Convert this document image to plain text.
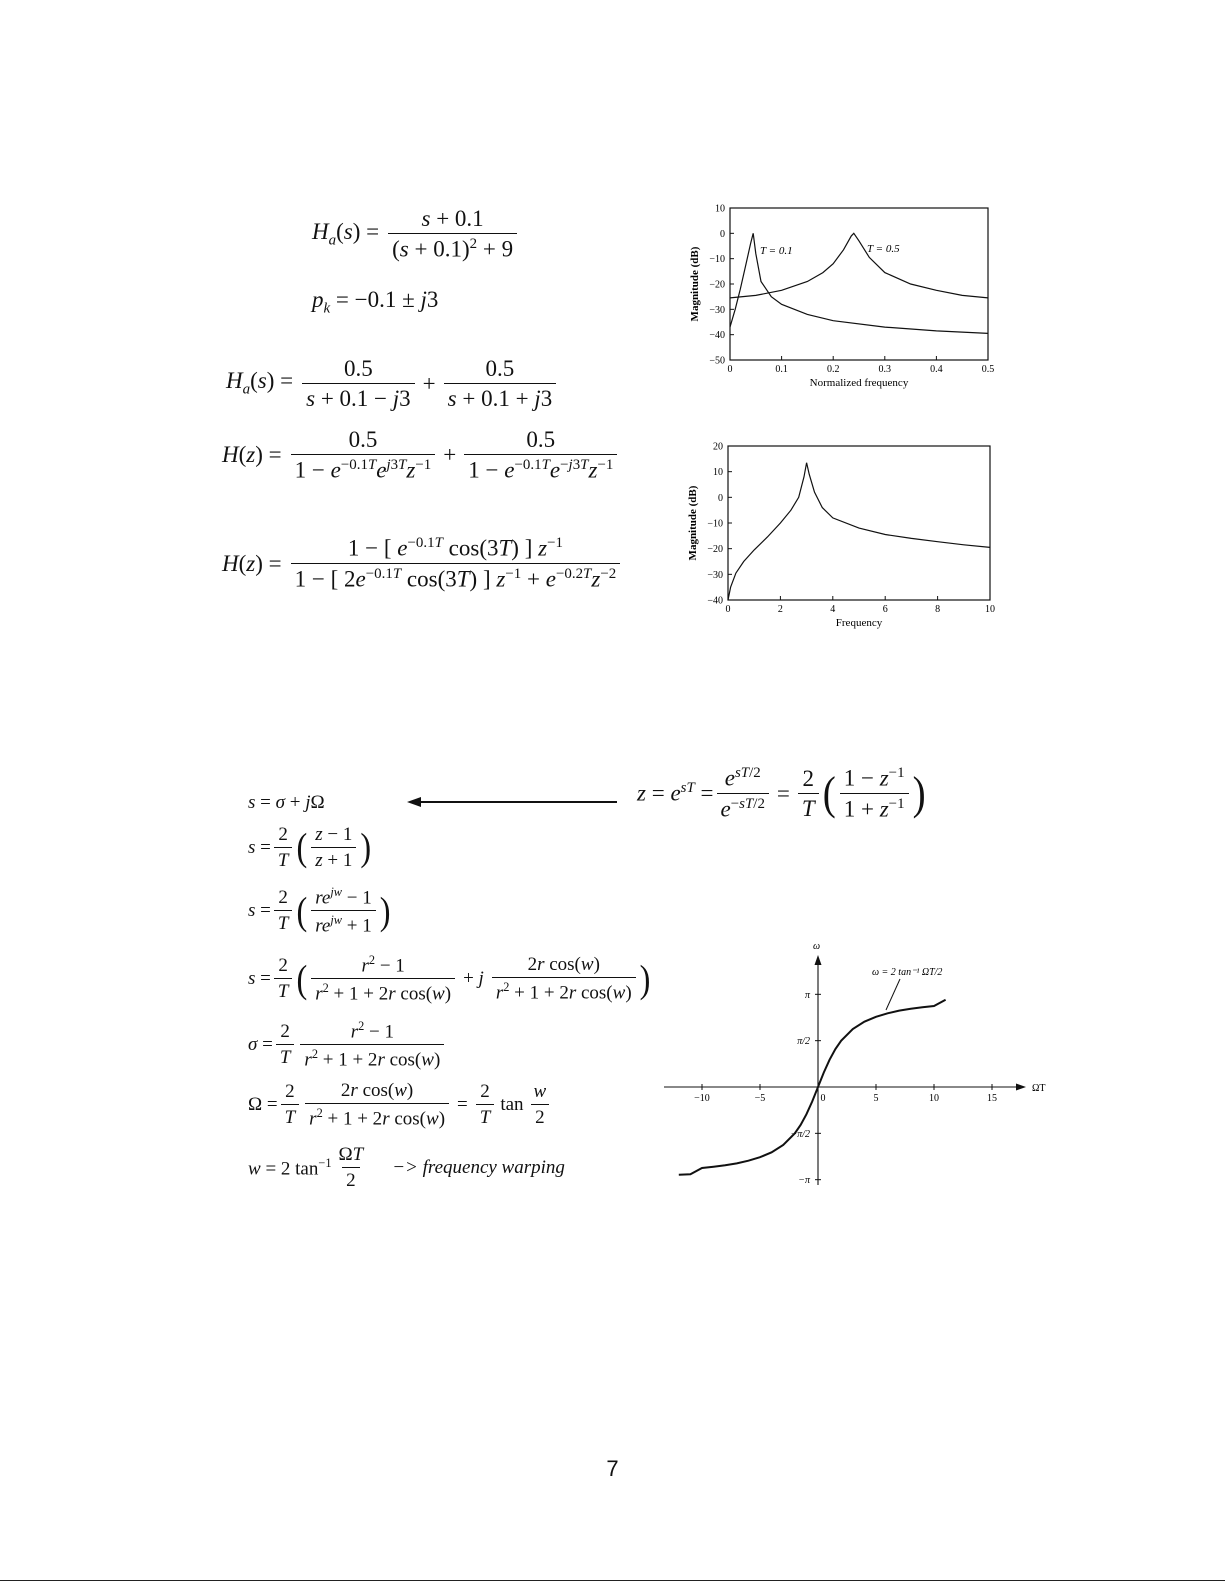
$H_a(s) = \frac{s + 0.1}{(s + 0.1)^2 + 9}$
$p_k = -0.1 \pm j3$
$H_a(s) = \frac{0.5}{s + 0.1 - j3} + \frac{0.5}{s + 0.1 + j3}$
$H(z) = \frac{0.5}{1 - e^{-0.1T}e^{j3T}z^{-1}} + \frac{0.5}{1 - e^{-0.1T}e^{-j3T}z^{-1}}$
$H(z) = \frac{1 - [ e^{-0.1T} \cos(3T) ] z^{-1}}{1 - [ 2e^{-0.1T} \cos(3T) ] z^{-1} + e^{-0.2T}z^{-2}}$
0	0.1	0.2	0.3	0.4	0.5
10
0
−10
−20
−30
−40
−50
Normalized frequency
Magnitude (dB)	T = 0.1	T = 0.5
0	2	4	6	8	10
20
10
0
−10
−20
−30
−40
Frequency
Magnitude (dB)
s = σ + jΩ	$z = e^{sT} = \frac{e^{sT/2}}{e^{-sT/2}} = \frac{2}{T}$ ( $\frac{1 - z^{-1}}{1 + z^{-1}}$ )
$s = \frac{2}{T}$ ( $\frac{z - 1}{z + 1}$ )
$s = \frac{2}{T}$ ( $\frac{re^{jw} - 1}{re^{jw} + 1}$ )
$s = \frac{2}{T}$ ( $\frac{r^2 - 1}{r^2 + 1 + 2r \cos(w)} + j \frac{\text{2r cos(w)}}{r^2 + 1 + 2r \cos(w)}$ )
$\sigma = \frac{2}{T} \frac{r^2 - 1}{r^2 + 1 + 2r \cos(w)}$
$\Omega = \frac{2}{T} \frac{\text{2r cos(w)}}{r^2 + 1 + 2r \cos(w)} = \frac{2}{T}$ $\tan \frac{w}{2}$
w = 2 $\tan^{-1} \frac{\Omega T}{2}$ −> frequency warping
−10	−5	0	5	10	15
π
π/2
−π/2
−π
ΩT
ω
ω = 2 tan⁻¹ ΩT/2
7
